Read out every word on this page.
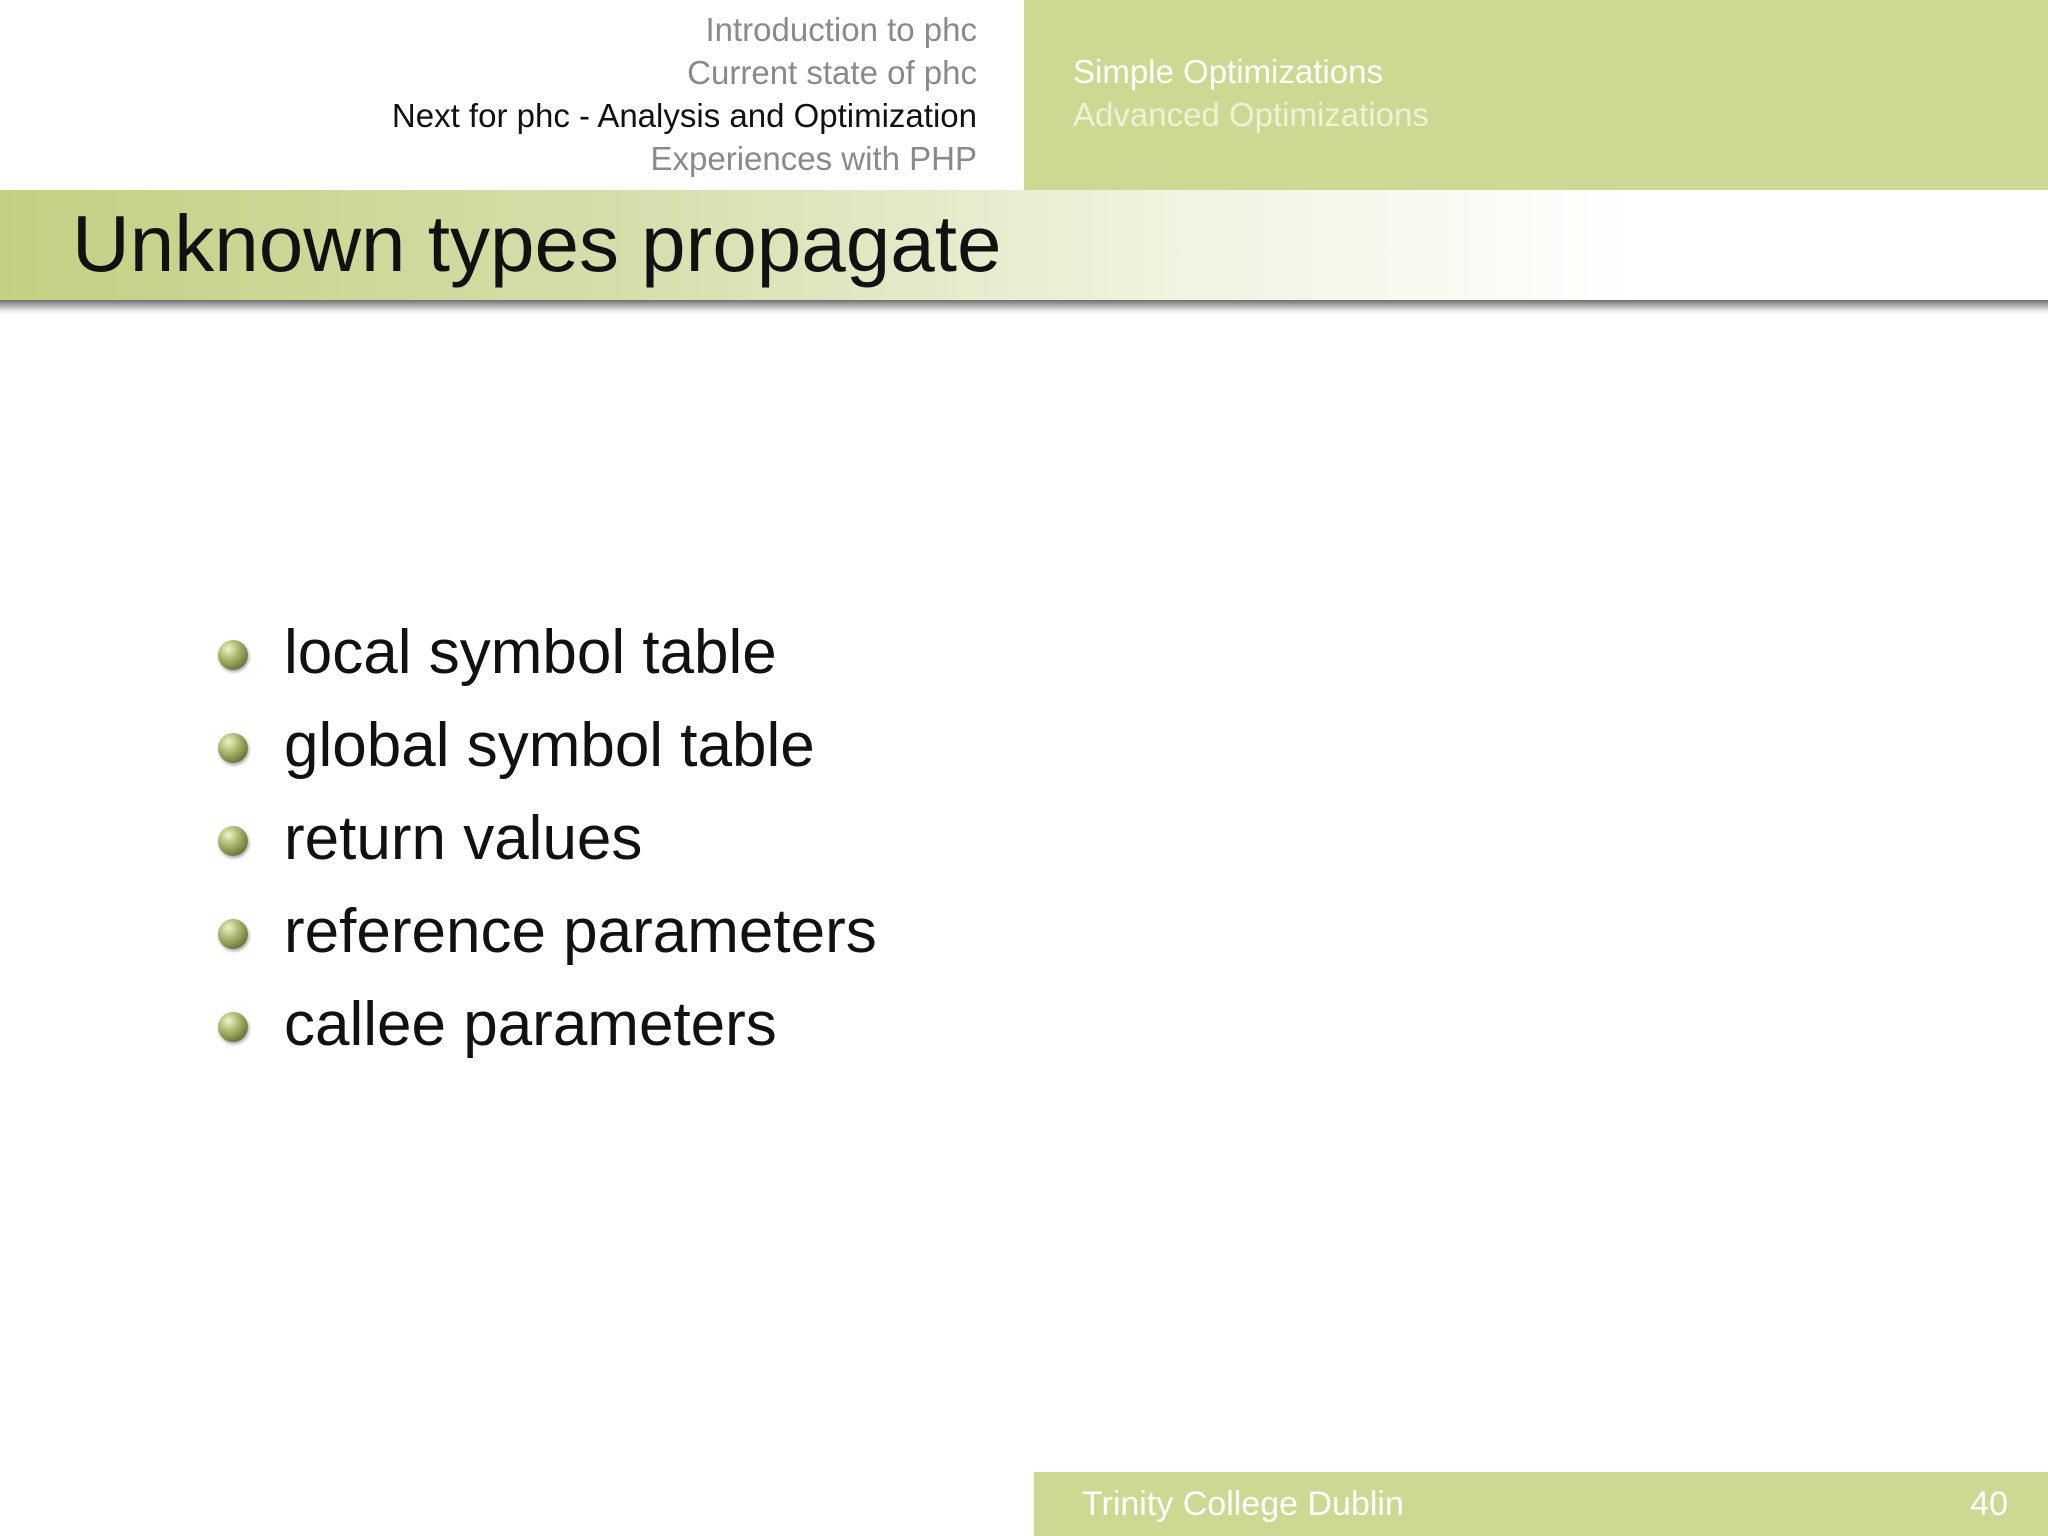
Introduction to phc
Current state of phc
Next for phc - Analysis and Optimization
Experiences with PHP
Simple Optimizations
Advanced Optimizations
Unknown types propagate
local symbol table
global symbol table
return values
reference parameters
callee parameters
Trinity College Dublin	40
